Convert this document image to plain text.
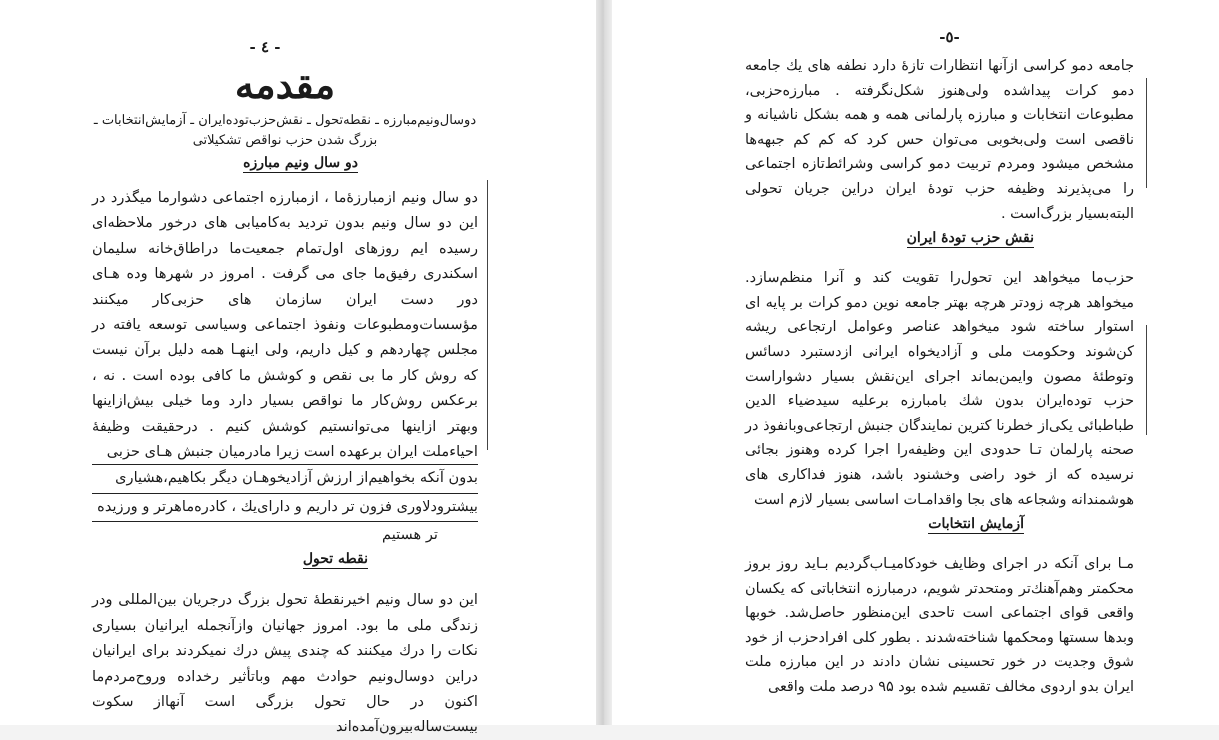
- ٤ -
مقدمه
دوسال‌ونیم‌مبارزه ـ نقطه‌تحول ـ نقش‌حزب‌توده‌ایران ـ آزمایش‌انتخابات ـ
بزرگ شدن حزب نواقص تشکیلاتی
دو سال ونیم مبارزه

دو سال ونیم ازمبارزه‌ٔما ، ازمبارزه اجتماعی دشوارما میگذرد در این دو سال ونیم بدون تردید به‌کامیابی های درخور ملاحظه‌ای رسیده ایم روزهای اول‌تمام جمعیت‌ما دراطاق‌خانه سلیمان اسکندری رفیق‌ما جای می گرفت . امروز در شهرها وده هـای دور دست ایران سازمان های حزبی‌کار میکنند مؤسسات‌ومطبوعات ونفوذ اجتماعی وسیاسی توسعه یافته در مجلس چهاردهم و کیل داریم، ولی اینهـا همه دلیل برآن نیست که روش کار ما بی نقص و کوشش ما کافی بوده است . نه ، برعکس روش‌کار ما نواقص بسیار دارد وما خیلی بیش‌ازاینها وبهتر ازاینها می‌توانستیم کوشش کنیم . درحقیقت وظیفهٔ احیاءملت ایران برعهده است زیرا مادرمیان جنبش هـای حزبی

بدون آنکه بخواهیم‌از ارزش آزادیخوهـان دیگر بکاهیم‌،هشیاری

بیشتر‌ودلاوری فزون تر داریم و دارای‌یك ، کادر‌ه‌ماهرتر و ورزیده

تر هستیم

نقطه تحول

این دو سال ونیم اخیر‌نقطهٔ تحول بزرگ درجریان بین‌المللی ودر زندگی ملی ما بود. امروز جهانیان واز‌آنجمله ایرانیان بسیاری نکات را درك میکنند که چندی پیش درك نمیکردند برای ایرانیان دراین دوسال‌ونیم حوادث مهم وبا‌تأثیر رخداده وروح‌مردم‌ما اکنون در حال تحول بزرگی است آنهااز سکوت بیست‌ساله‌بیرون‌آمده‌اند

-٥-

جامعه دمو کراسی ازآنها انتظارات تازهٔ دارد نطفه های یك جامعه دمو کرات پیداشده ولی‌هنوز شکل‌نگرفته . مبارزه‌حزبی، مطبوعات انتخابات و مبارزه پارلمانی همه و همه بشکل ناشیانه و ناقصی است ولی‌بخوبی می‌توان حس کرد که کم کم جبهه‌ها مشخص میشود ومردم تربیت دمو کراسی وشرائط‌تازه اجتماعی را می‌پذیرند وظیفه حزب تودهٔ ایران دراین جریان تحولی البته‌بسیار بزرگ‌است .

نقش حزب تودهٔ ایران

حزب‌ما میخواهد این تحول‌را تقویت کند و آنرا منظم‌سازد. میخواهد هرچه زودتر هرچه بهتر جامعه نوین دمو کرات بر پایه ای استوار ساخته شود میخواهد عناصر وعوامل ارتجاعی ریشه کن‌شوند وحکومت ملی و آزادیخواه ایرانی ازدستبرد دسائس وتوطئهٔ مصون وایمن‌بماند اجرای این‌نقش بسیار دشواراست حزب توده‌ایران بدون شك بامبارزه برعلیه سیدضیاء الدین طباطبائی یکی‌از خطرنا کترین نمایندگان جنبش ارتجاعی‌و‌بانفوذ در صحنه پارلمان تـا حدودی این وظیفه‌را اجرا کرده وهنوز بجائی نرسیده که از خود راضی وخشنود باشد، هنوز فداکاری های هوشمندانه وشجاعه های بجا واقدامـات اساسی بسیار لازم است

آزمایش انتخابات

مـا برای آنکه در اجرای وظایف خود‌کامیـاب‌گردیم بـاید روز بروز محکمتر وهم‌آهنك‌تر ومتحدتر شویم، درمبارزه انتخاباتی که یکسان واقعی قوای اجتماعی است تاحدی این‌منظور حاصل‌شد. خوبها وبدها سستها ومحکمها شناخته‌شدند . بطور کلی افرادحزب از خود شوق وجدیت در خور تحسینی نشان دادند در این مبارزه ملت ایران بدو اردوی مخالف تقسیم شده بود ۹۵ درصد ملت واقعی
